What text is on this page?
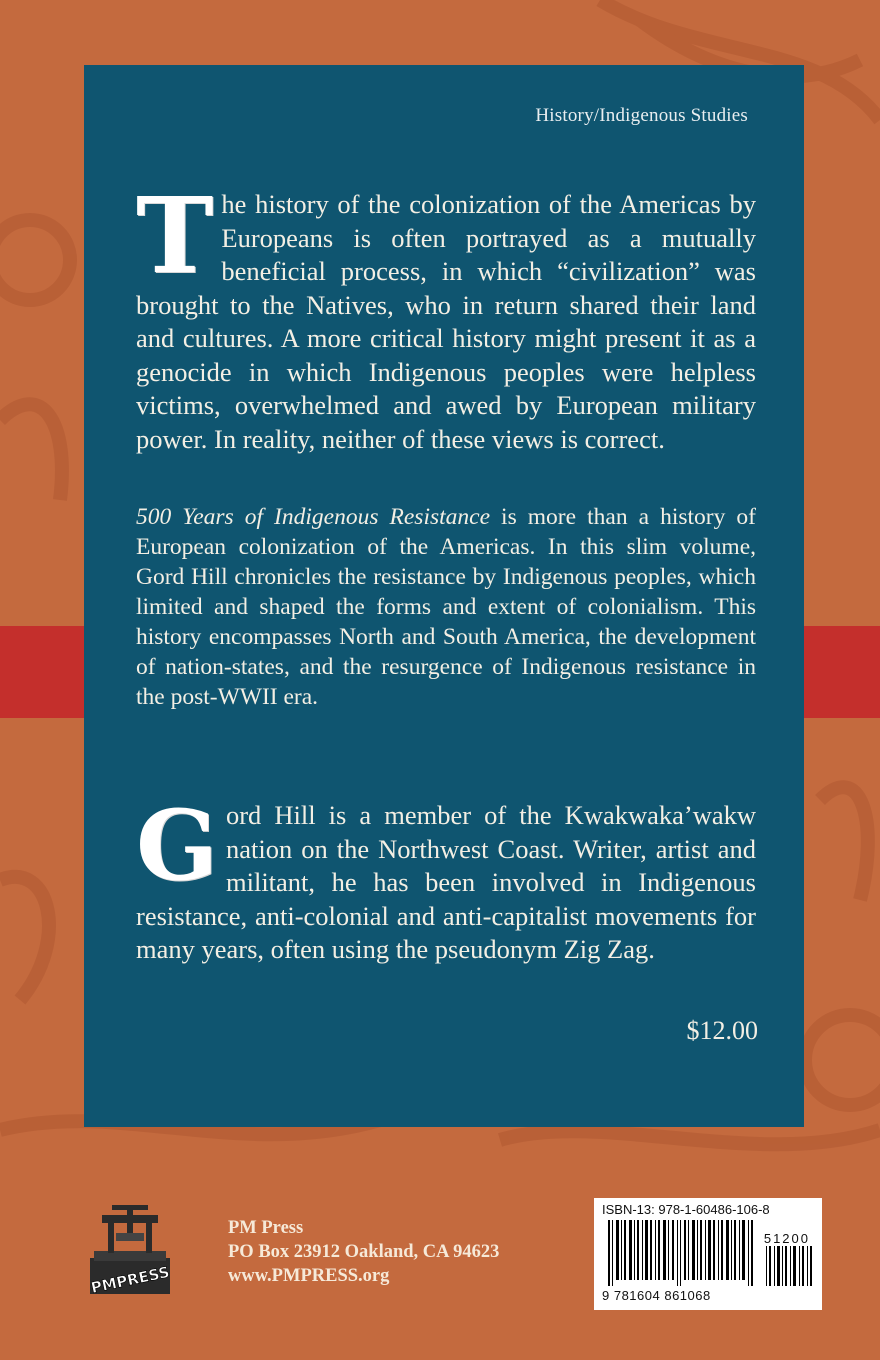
History/Indigenous Studies

The history of the colonization of the Americas by Europeans is often portrayed as a mutually beneficial process, in which “civilization” was brought to the Natives, who in return shared their land and cultures. A more critical history might present it as a genocide in which Indigenous peoples were helpless victims, overwhelmed and awed by European military power. In reality, neither of these views is correct.

500 Years of Indigenous Resistance is more than a history of European colonization of the Americas. In this slim volume, Gord Hill chronicles the resistance by Indigenous peoples, which limited and shaped the forms and extent of colonialism. This history encompasses North and South America, the development of nation-states, and the resurgence of Indigenous resistance in the post-WWII era.

Gord Hill is a member of the Kwakwaka’wakw nation on the Northwest Coast. Writer, artist and militant, he has been involved in Indigenous resistance, anti-colonial and anti-capitalist movements for many years, often using the pseudonym Zig Zag.

$12.00
PMPRESS
PM Press
PO Box 23912 Oakland, CA 94623
www.PMPRESS.org
ISBN-13: 978-1-60486-106-8
51200
9 781604 861068
